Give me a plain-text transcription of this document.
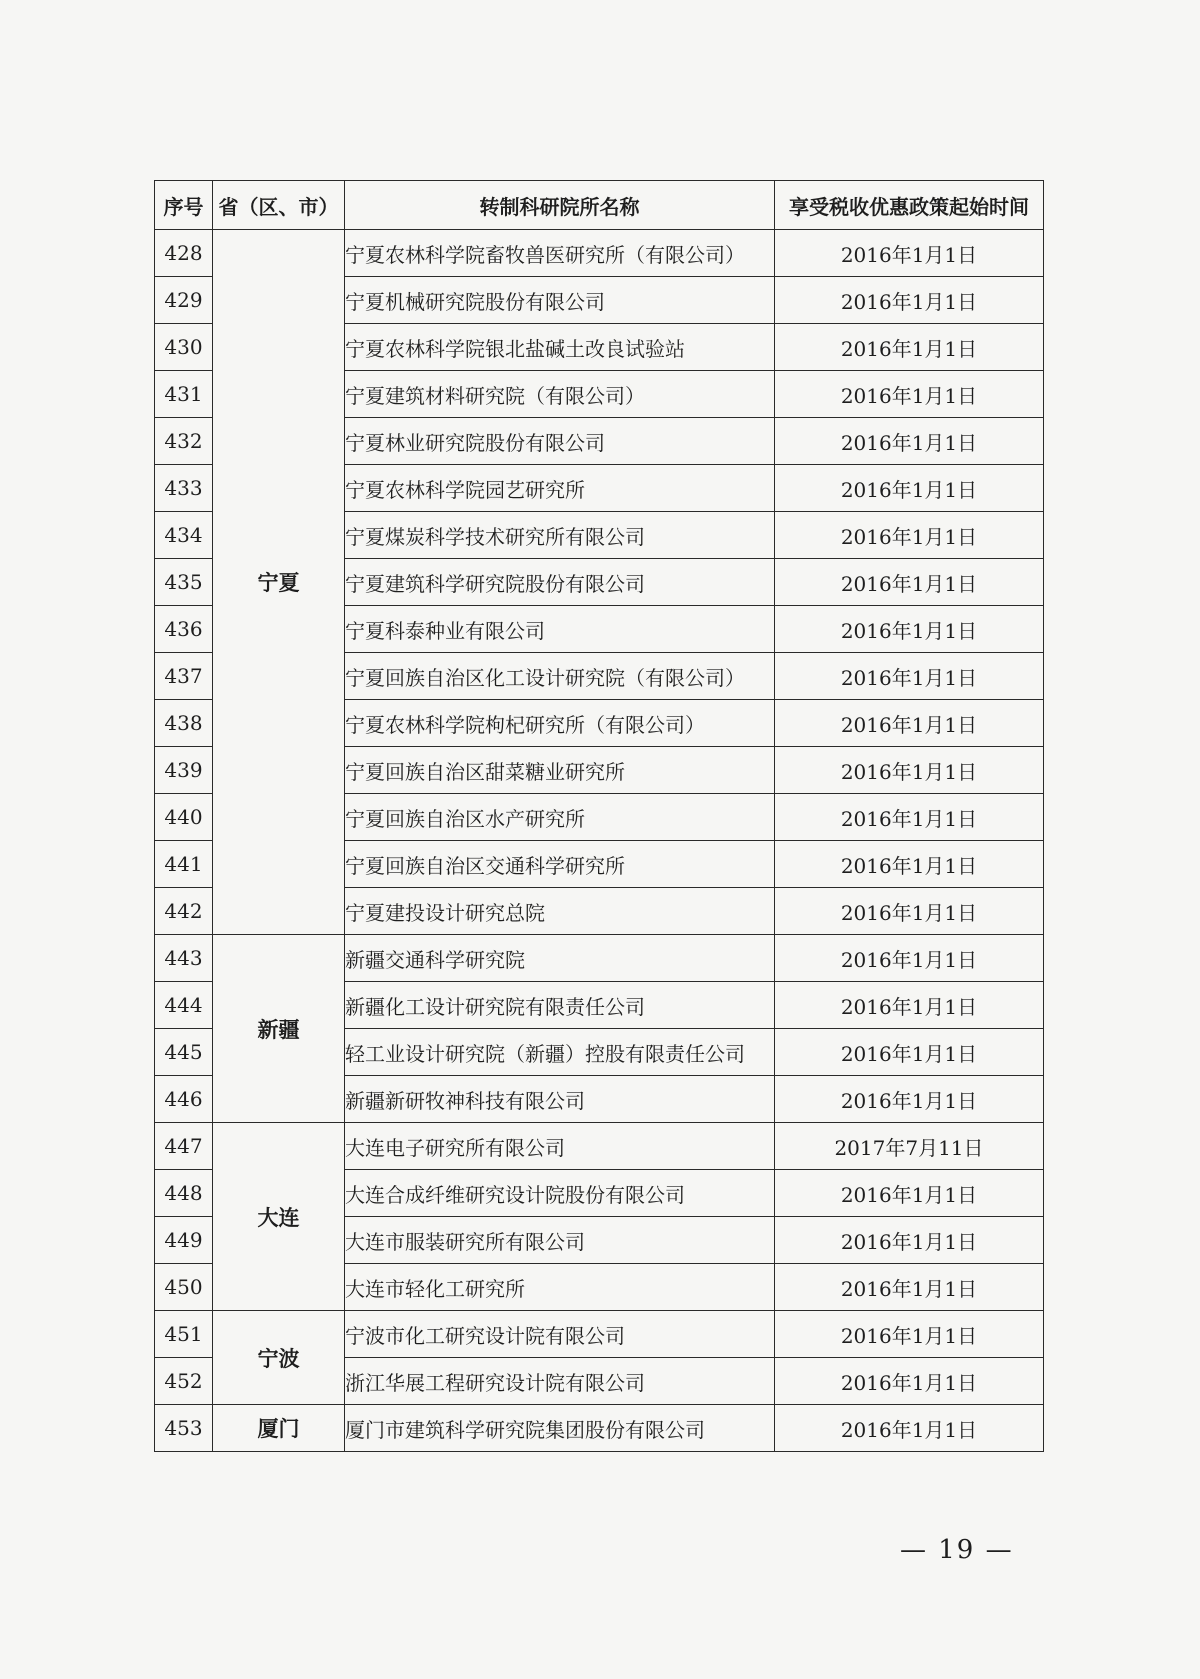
序号	省（区、市）	转制科研院所名称	享受税收优惠政策起始时间
428	宁夏	宁夏农林科学院畜牧兽医研究所（有限公司）	2016年1月1日
429		宁夏机械研究院股份有限公司	2016年1月1日
430		宁夏农林科学院银北盐碱土改良试验站	2016年1月1日
431		宁夏建筑材料研究院（有限公司）	2016年1月1日
432		宁夏林业研究院股份有限公司	2016年1月1日
433		宁夏农林科学院园艺研究所	2016年1月1日
434		宁夏煤炭科学技术研究所有限公司	2016年1月1日
435		宁夏建筑科学研究院股份有限公司	2016年1月1日
436		宁夏科泰种业有限公司	2016年1月1日
437		宁夏回族自治区化工设计研究院（有限公司）	2016年1月1日
438		宁夏农林科学院枸杞研究所（有限公司）	2016年1月1日
439		宁夏回族自治区甜菜糖业研究所	2016年1月1日
440		宁夏回族自治区水产研究所	2016年1月1日
441		宁夏回族自治区交通科学研究所	2016年1月1日
442		宁夏建投设计研究总院	2016年1月1日
443	新疆	新疆交通科学研究院	2016年1月1日
444		新疆化工设计研究院有限责任公司	2016年1月1日
445		轻工业设计研究院（新疆）控股有限责任公司	2016年1月1日
446		新疆新研牧神科技有限公司	2016年1月1日
447	大连	大连电子研究所有限公司	2017年7月11日
448		大连合成纤维研究设计院股份有限公司	2016年1月1日
449		大连市服装研究所有限公司	2016年1月1日
450		大连市轻化工研究所	2016年1月1日
451	宁波	宁波市化工研究设计院有限公司	2016年1月1日
452		浙江华展工程研究设计院有限公司	2016年1月1日
453	厦门	厦门市建筑科学研究院集团股份有限公司	2016年1月1日
— 19 —
